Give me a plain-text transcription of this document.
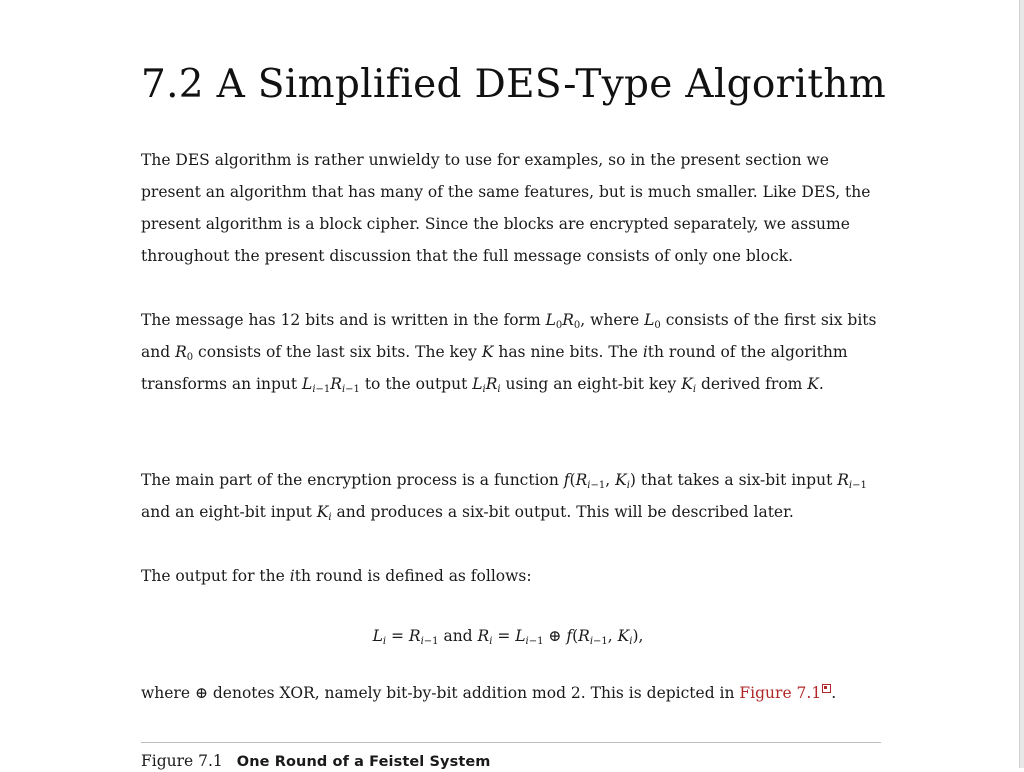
7.2 A Simplified DES-Type Algorithm

The DES algorithm is rather unwieldy to use for examples, so in the present section we present an algorithm that has many of the same features, but is much smaller. Like DES, the present algorithm is a block cipher. Since the blocks are encrypted separately, we assume throughout the present discussion that the full message consists of only one block.

The message has 12 bits and is written in the form $L_0R_0$, where $L_0$ consists of the first six bits and $R_0$ consists of the last six bits. The key K has nine bits. The ith round of the algorithm transforms an input $L_{i-1}R_{i-1}$ to the output $L_iR_i$ using an eight-bit key $K_i$ derived from K.

The main part of the encryption process is a function $f(R_{i-1}$, $K_i$) that takes a six-bit input $R_{i-1}$ and an eight-bit input $K_i$ and produces a six-bit output. This will be described later.

The output for the ith round is defined as follows:

$L_i = R_{i-1}$ and $R_i = L_{i-1}$ ⊕ $f(R_{i-1}$, $K_i$),

where ⊕ denotes XOR, namely bit-by-bit addition mod 2. This is depicted in Figure 7.1 .

Figure 7.1 One Round of a Feistel System
